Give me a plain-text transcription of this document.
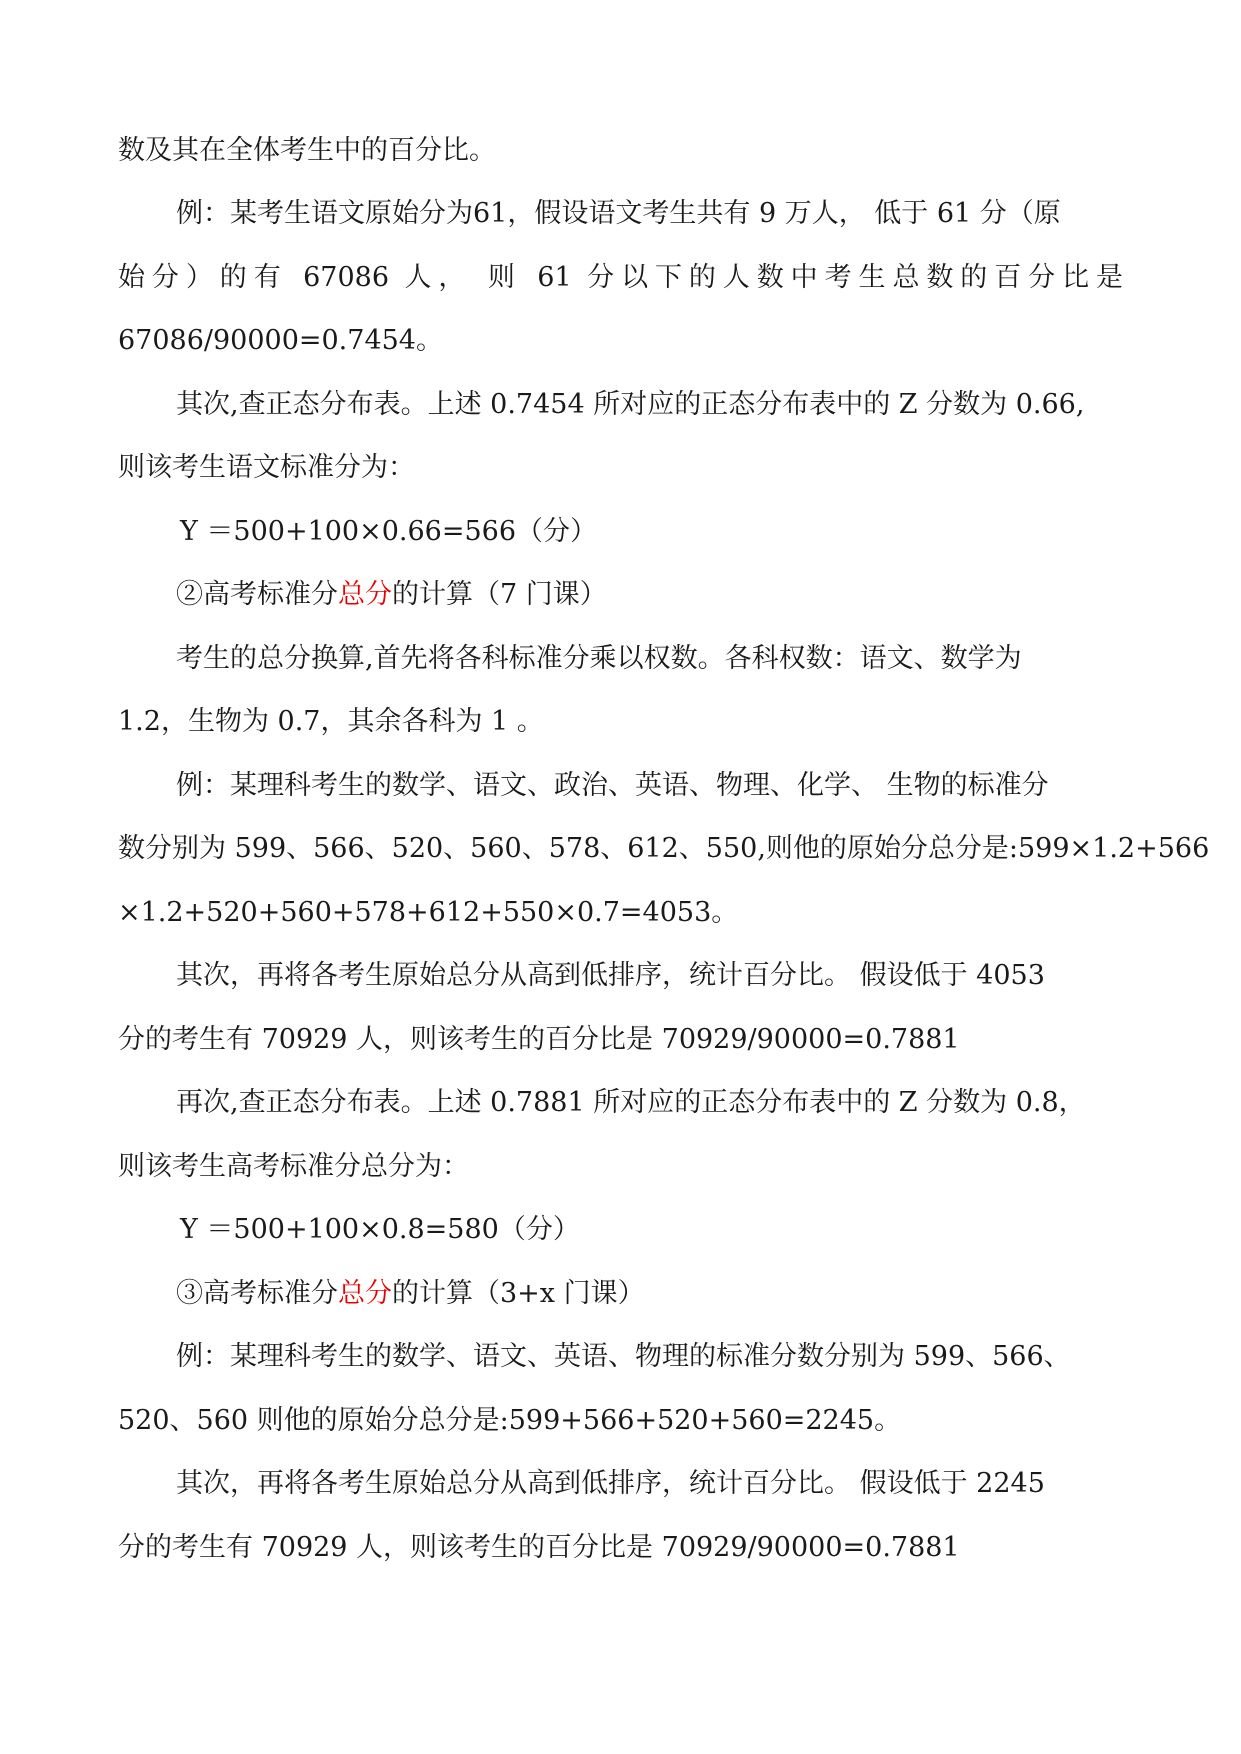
数及其在全体考生中的百分比。
例：某考生语文原始分为61，假设语文考生共有 9 万人， 低于 61 分（原
始分）的有 67086 人， 则 61 分以下的人数中考生总数的百分比是
67086/90000=0.7454。
其次,查正态分布表。上述 0.7454 所对应的正态分布表中的 Z 分数为 0.66,
则该考生语文标准分为：
Y ＝500+100×0.66=566（分）
②高考标准分总分的计算（7 门课）
考生的总分换算,首先将各科标准分乘以权数。各科权数：语文、数学为
1.2，生物为 0.7，其余各科为 1 。
例：某理科考生的数学、语文、政治、英语、物理、化学、 生物的标准分
数分别为 599、566、520、560、578、612、550,则他的原始分总分是:599×1.2+566
×1.2+520+560+578+612+550×0.7=4053。
其次，再将各考生原始总分从高到低排序，统计百分比。 假设低于 4053
分的考生有 70929 人，则该考生的百分比是 70929/90000=0.7881
再次,查正态分布表。上述 0.7881 所对应的正态分布表中的 Z 分数为 0.8，
则该考生高考标准分总分为：
Y ＝500+100×0.8=580（分）
③高考标准分总分的计算（3+x 门课）
例：某理科考生的数学、语文、英语、物理的标准分数分别为 599、566、
520、560 则他的原始分总分是:599+566+520+560=2245。
其次，再将各考生原始总分从高到低排序，统计百分比。 假设低于 2245
分的考生有 70929 人，则该考生的百分比是 70929/90000=0.7881
